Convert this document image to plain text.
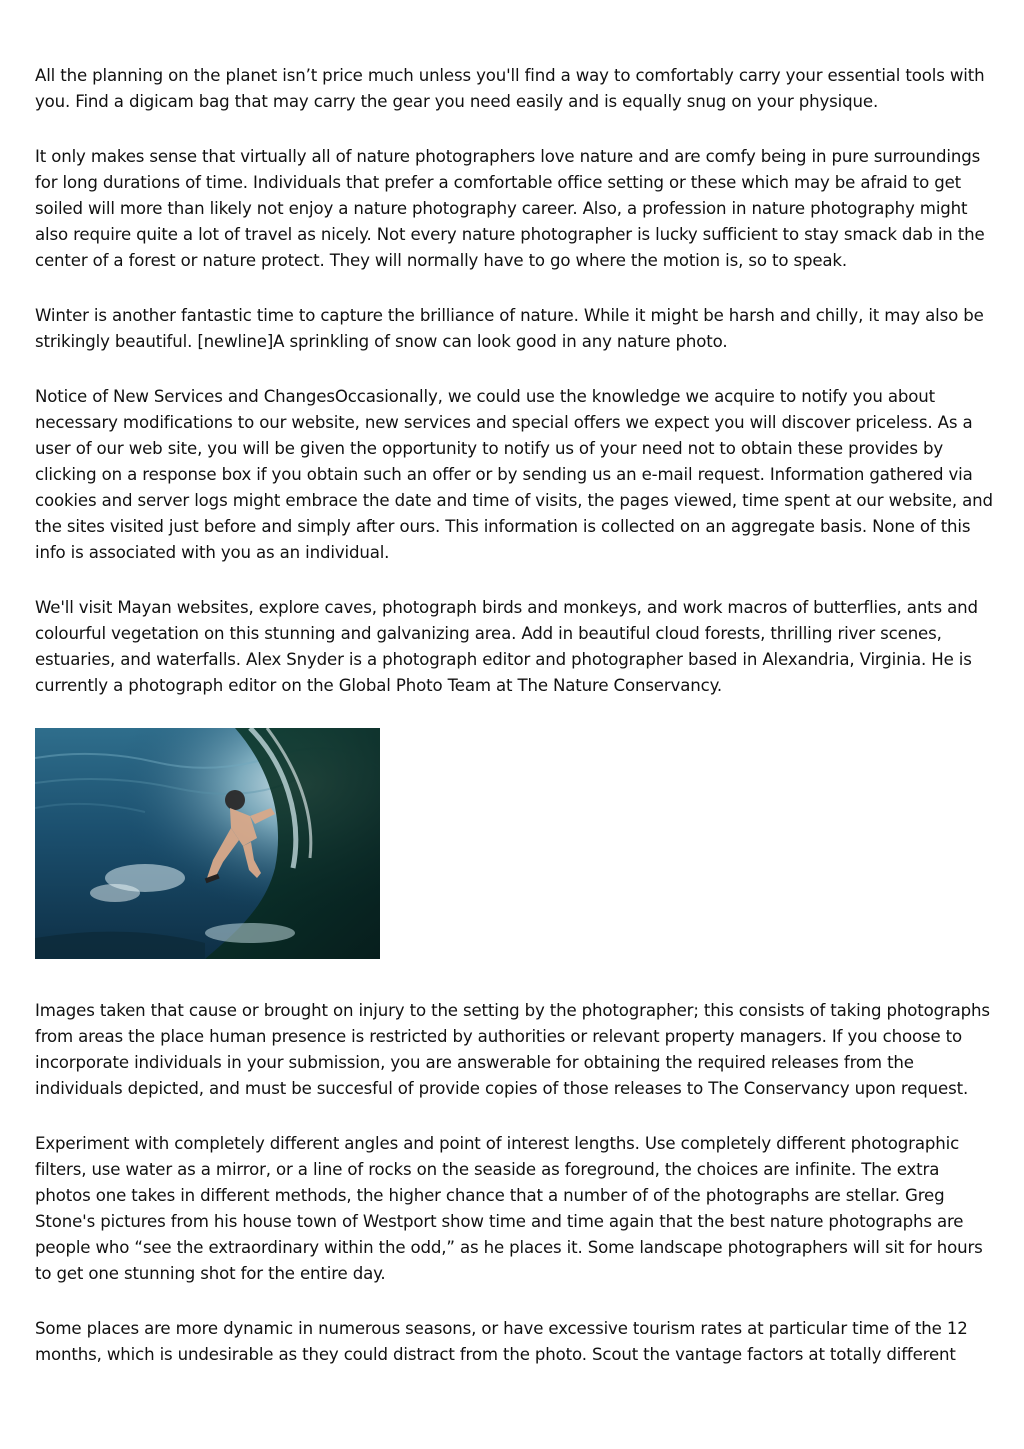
All the planning on the planet isn’t price much unless you'll find a way to comfortably carry your essential tools with you. Find a digicam bag that may carry the gear you need easily and is equally snug on your physique.

It only makes sense that virtually all of nature photographers love nature and are comfy being in pure surroundings for long durations of time. Individuals that prefer a comfortable office setting or these which may be afraid to get soiled will more than likely not enjoy a nature photography career. Also, a profession in nature photography might also require quite a lot of travel as nicely. Not every nature photographer is lucky sufficient to stay smack dab in the center of a forest or nature protect. They will normally have to go where the motion is, so to speak.

Winter is another fantastic time to capture the brilliance of nature. While it might be harsh and chilly, it may also be strikingly beautiful. [newline]A sprinkling of snow can look good in any nature photo.

Notice of New Services and ChangesOccasionally, we could use the knowledge we acquire to notify you about necessary modifications to our website, new services and special offers we expect you will discover priceless. As a user of our web site, you will be given the opportunity to notify us of your need not to obtain these provides by clicking on a response box if you obtain such an offer or by sending us an e-mail request. Information gathered via cookies and server logs might embrace the date and time of visits, the pages viewed, time spent at our website, and the sites visited just before and simply after ours. This information is collected on an aggregate basis. None of this info is associated with you as an individual.

We'll visit Mayan websites, explore caves, photograph birds and monkeys, and work macros of butterflies, ants and colourful vegetation on this stunning and galvanizing area. Add in beautiful cloud forests, thrilling river scenes, estuaries, and waterfalls. Alex Snyder is a photograph editor and photographer based in Alexandria, Virginia. He is currently a photograph editor on the Global Photo Team at The Nature Conservancy.

Images taken that cause or brought on injury to the setting by the photographer; this consists of taking photographs from areas the place human presence is restricted by authorities or relevant property managers. If you choose to incorporate individuals in your submission, you are answerable for obtaining the required releases from the individuals depicted, and must be succesful of provide copies of those releases to The Conservancy upon request.

Experiment with completely different angles and point of interest lengths. Use completely different photographic filters, use water as a mirror, or a line of rocks on the seaside as foreground, the choices are infinite. The extra photos one takes in different methods, the higher chance that a number of of the photographs are stellar. Greg Stone's pictures from his house town of Westport show time and time again that the best nature photographs are people who “see the extraordinary within the odd,” as he places it. Some landscape photographers will sit for hours to get one stunning shot for the entire day.

Some places are more dynamic in numerous seasons, or have excessive tourism rates at particular time of the 12 months, which is undesirable as they could distract from the photo. Scout the vantage factors at totally different
